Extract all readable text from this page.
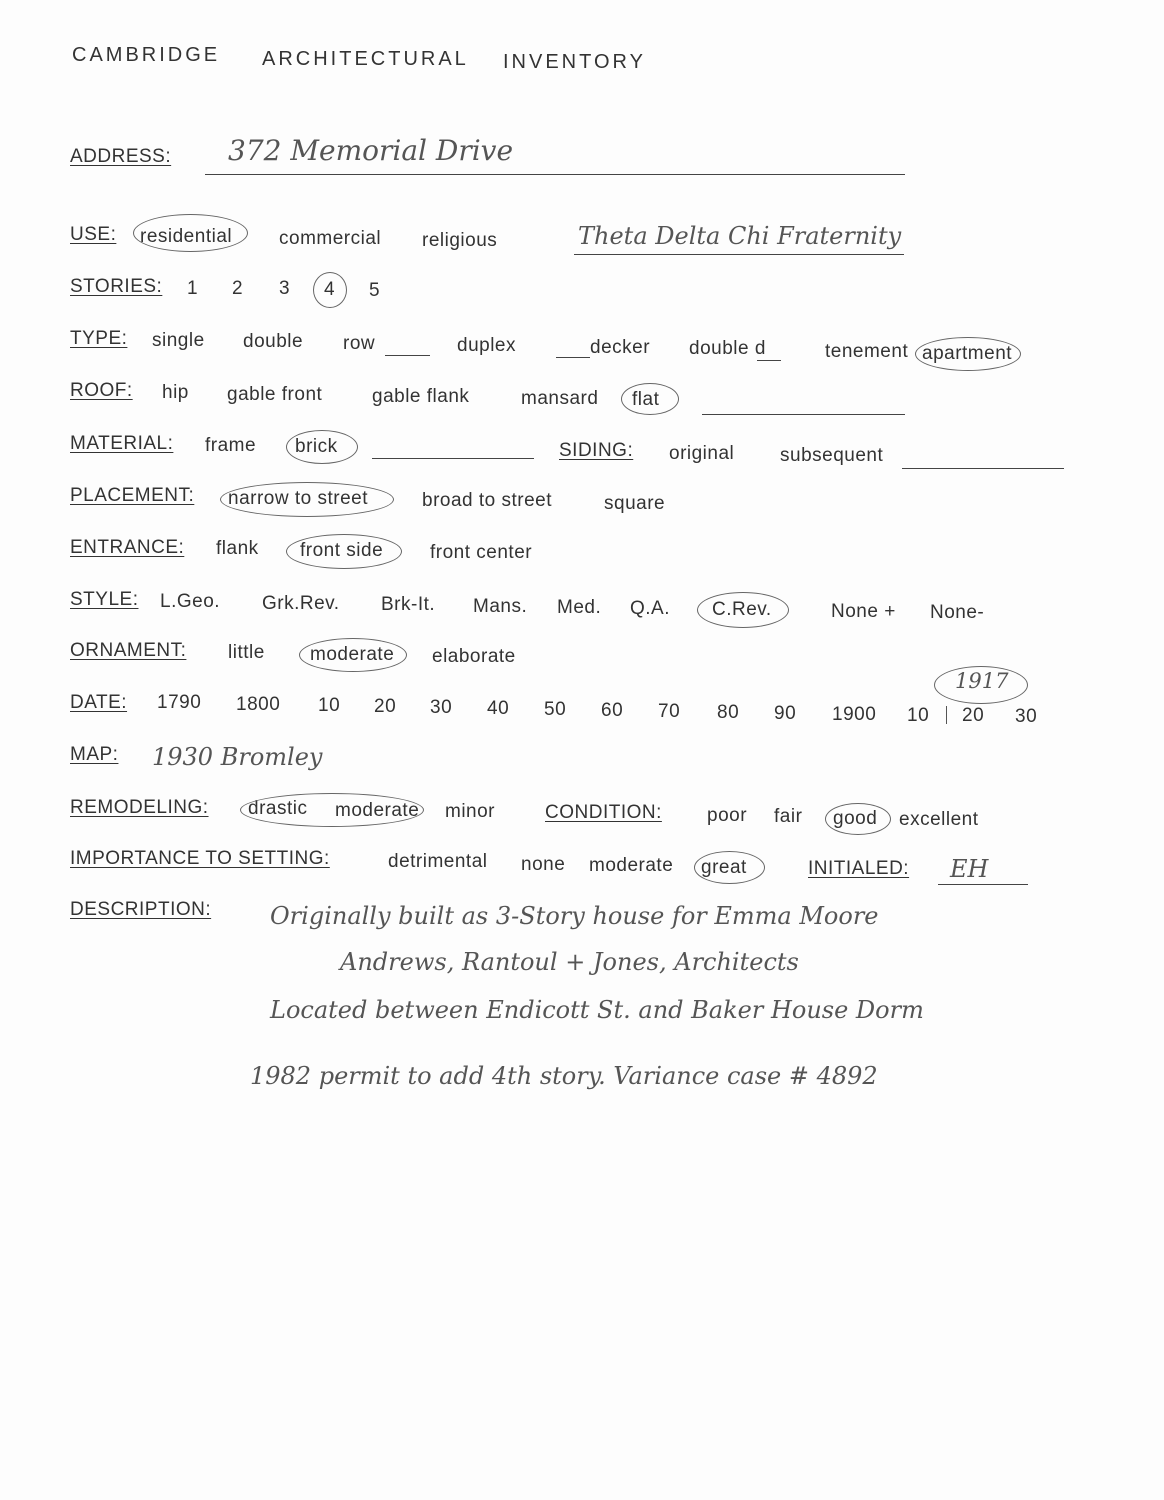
CAMBRIDGE ARCHITECTURAL INVENTORY
ADDRESS: 372 Memorial Drive
USE: residential commercial religious	Theta Delta Chi Fraternity
STORIES: 1 2 3 4 5
TYPE: single double row	duplex	decker double d	tenement apartment
ROOF: hip gable front	gable flank	mansard flat
MATERIAL: frame brick	SIDING: original subsequent
PLACEMENT: narrow to street	broad to street	square
ENTRANCE: flank front side front center
STYLE: L.Geo. Grk.Rev. Brk-It. Mans. Med. Q.A. C.Rev.	None + None-
ORNAMENT: little moderate elaborate
DATE: 1790 1800 10 20 30 40 50 60 70 80 90 1900 10 20 30
1917
MAP: 1930 Bromley
REMODELING: drastic moderate minor	CONDITION: poor fair good excellent
IMPORTANCE TO SETTING:	detrimental none moderate great	INITIALED: EH
DESCRIPTION: Originally built as 3-Story house for Emma Moore
Andrews, Rantoul + Jones, Architects
Located between Endicott St. and Baker House Dorm
1982 permit to add 4th story. Variance case # 4892
